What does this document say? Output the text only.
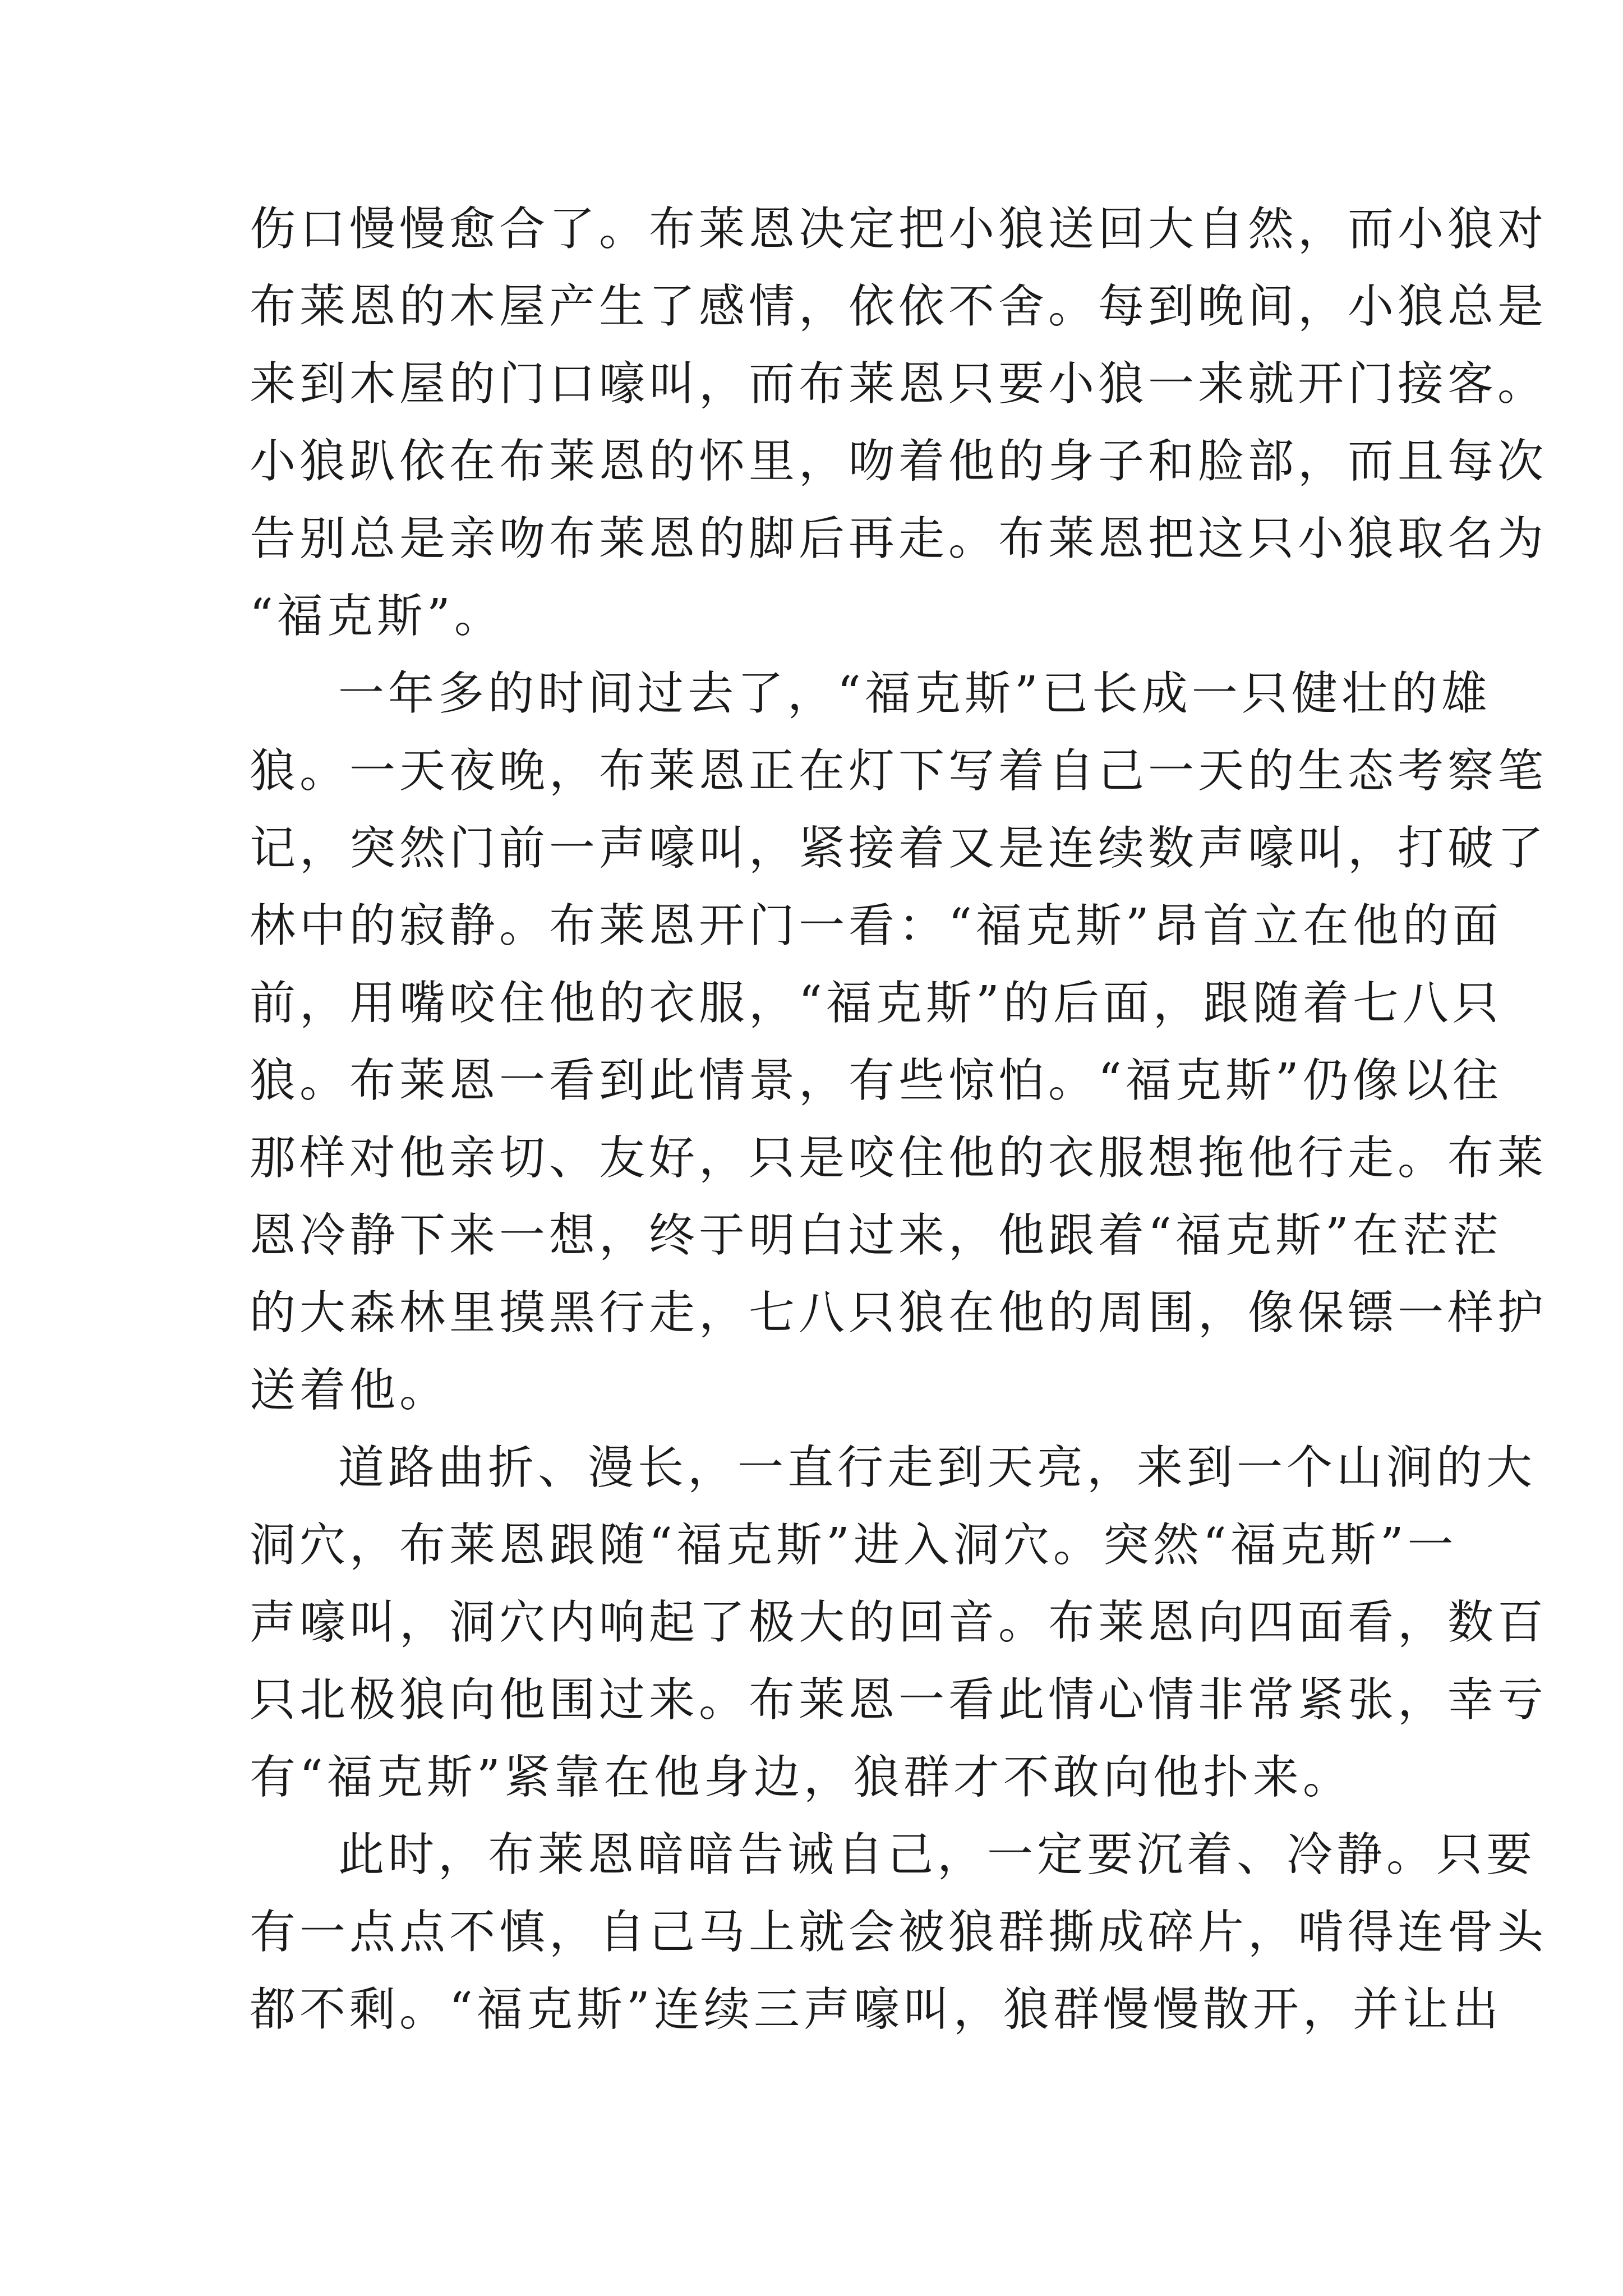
伤口慢慢愈合了。布莱恩决定把小狼送回大自然，而小狼对
布莱恩的木屋产生了感情，依依不舍。每到晚间，小狼总是
来到木屋的门口嚎叫，而布莱恩只要小狼一来就开门接客。
小狼趴依在布莱恩的怀里，吻着他的身子和脸部，而且每次
告别总是亲吻布莱恩的脚后再走。布莱恩把这只小狼取名为
“福克斯”。
一年多的时间过去了，“福克斯”已长成一只健壮的雄
狼。一天夜晚，布莱恩正在灯下写着自己一天的生态考察笔
记，突然门前一声嚎叫，紧接着又是连续数声嚎叫，打破了
林中的寂静。布莱恩开门一看：“福克斯”昂首立在他的面
前，用嘴咬住他的衣服，“福克斯”的后面，跟随着七八只
狼。布莱恩一看到此情景，有些惊怕。“福克斯”仍像以往
那样对他亲切、友好，只是咬住他的衣服想拖他行走。布莱
恩冷静下来一想，终于明白过来，他跟着“福克斯”在茫茫
的大森林里摸黑行走，七八只狼在他的周围，像保镖一样护
送着他。
道路曲折、漫长，一直行走到天亮，来到一个山涧的大
洞穴，布莱恩跟随“福克斯”进入洞穴。突然“福克斯”一
声嚎叫，洞穴内响起了极大的回音。布莱恩向四面看，数百
只北极狼向他围过来。布莱恩一看此情心情非常紧张，幸亏
有“福克斯”紧靠在他身边，狼群才不敢向他扑来。
此时，布莱恩暗暗告诫自己，一定要沉着、冷静。只要
有一点点不慎，自己马上就会被狼群撕成碎片，啃得连骨头
都不剩。“福克斯”连续三声嚎叫，狼群慢慢散开，并让出
